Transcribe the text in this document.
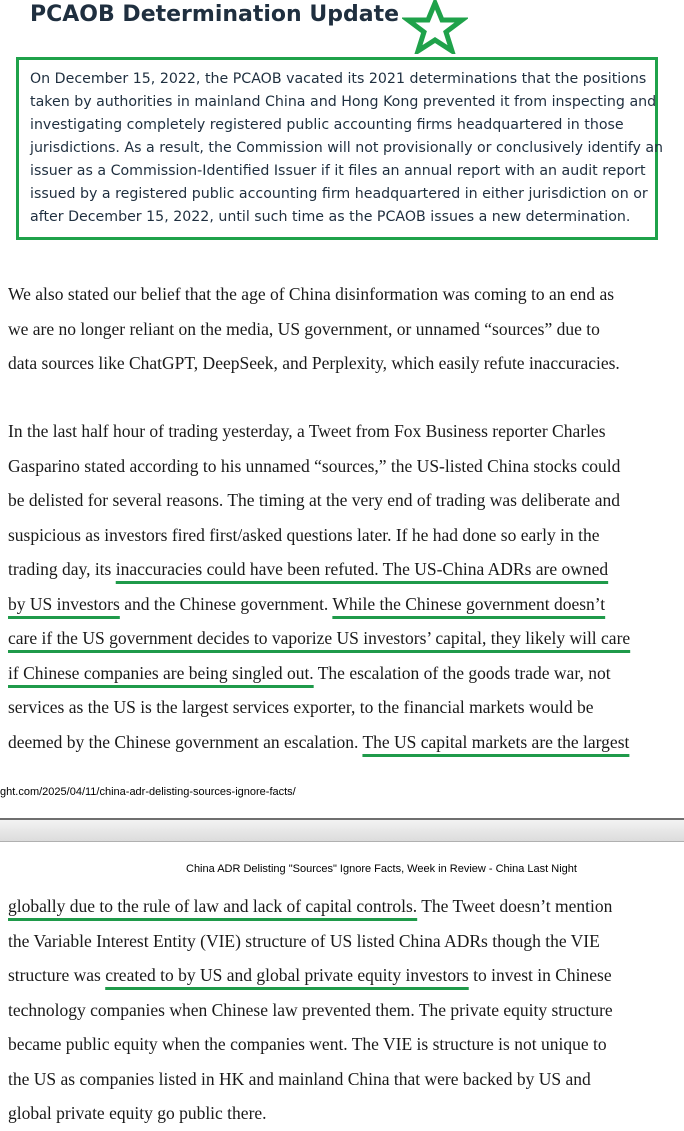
PCAOB Determination Update
On December 15, 2022, the PCAOB vacated its 2021 determinations that the positions
taken by authorities in mainland China and Hong Kong prevented it from inspecting and
investigating completely registered public accounting firms headquartered in those
jurisdictions. As a result, the Commission will not provisionally or conclusively identify an
issuer as a Commission-Identified Issuer if it files an annual report with an audit report
issued by a registered public accounting firm headquartered in either jurisdiction on or
after December 15, 2022, until such time as the PCAOB issues a new determination.
We also stated our belief that the age of China disinformation was coming to an end as
we are no longer reliant on the media, US government, or unnamed “sources” due to
data sources like ChatGPT, DeepSeek, and Perplexity, which easily refute inaccuracies.
In the last half hour of trading yesterday, a Tweet from Fox Business reporter Charles
Gasparino stated according to his unnamed “sources,” the US-listed China stocks could
be delisted for several reasons. The timing at the very end of trading was deliberate and
suspicious as investors fired first/asked questions later. If he had done so early in the
trading day, its inaccuracies could have been refuted. The US-China ADRs are owned
by US investors and the Chinese government. While the Chinese government doesn’t
care if the US government decides to vaporize US investors’ capital, they likely will care
if Chinese companies are being singled out. The escalation of the goods trade war, not
services as the US is the largest services exporter, to the financial markets would be
deemed by the Chinese government an escalation. The US capital markets are the largest
ght.com/2025/04/11/china-adr-delisting-sources-ignore-facts/
China ADR Delisting "Sources" Ignore Facts, Week in Review - China Last Night
globally due to the rule of law and lack of capital controls. The Tweet doesn’t mention
the Variable Interest Entity (VIE) structure of US listed China ADRs though the VIE
structure was created to by US and global private equity investors to invest in Chinese
technology companies when Chinese law prevented them. The private equity structure
became public equity when the companies went. The VIE is structure is not unique to
the US as companies listed in HK and mainland China that were backed by US and
global private equity go public there.
